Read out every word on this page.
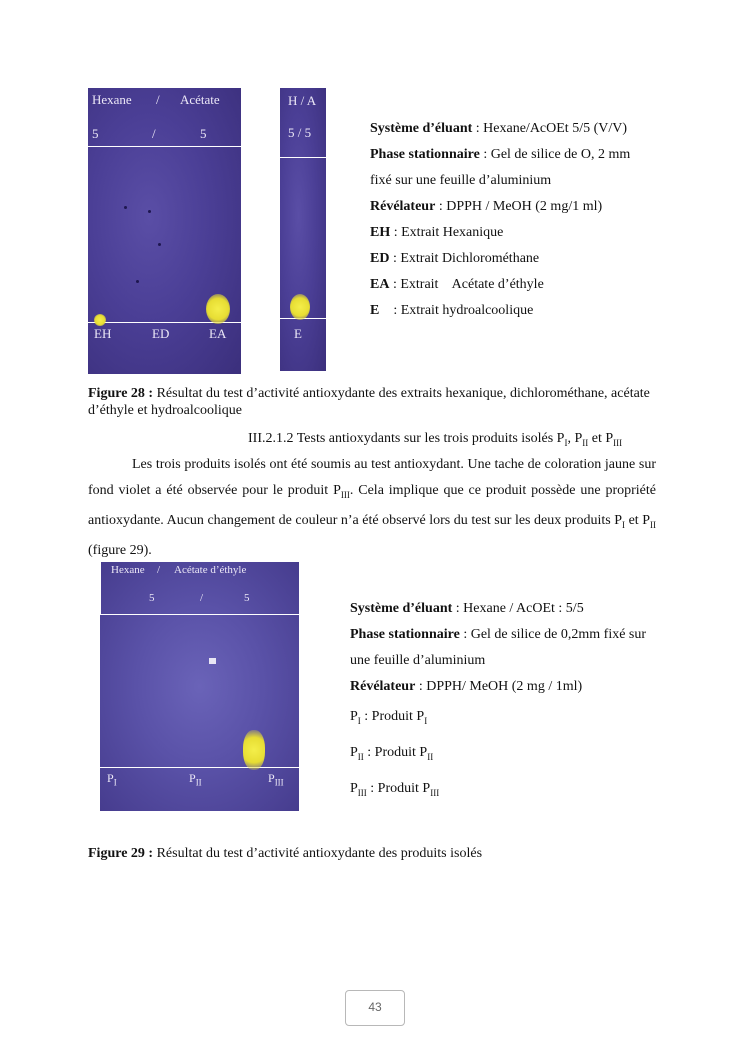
Hexane / Acétate
5	/	5
EH	ED	EA
H / A
5 / 5
E
Système d’éluant : Hexane/AcOEt 5/5 (V/V)
Phase stationnaire : Gel de silice de O, 2 mm
fixé sur une feuille d’aluminium
Révélateur : DPPH / MeOH (2 mg/1 ml)
EH : Extrait Hexanique
ED : Extrait Dichlorométhane
EA : Extrait    Acétate d’éthyle
E    : Extrait hydroalcoolique
Figure 28 : Résultat du test d’activité antioxydante des extraits hexanique, dichlorométhane, acétate d’éthyle et hydroalcoolique
III.2.1.2 Tests antioxydants sur les trois produits isolés $P_I$, $P_{II}$ et $P_{III}$
Les trois produits isolés ont été soumis au test antioxydant. Une tache de coloration jaune sur fond violet a été observée pour le produit $P_{III}$. Cela implique que ce produit possède une propriété antioxydante. Aucun changement de couleur n’a été observé lors du test sur les deux produits $P_I$ et $P_{II}$ (figure 29).
Hexane / Acétate d’éthyle
5	/	5
$P_I$	$P_{II}$	$P_{III}$
Système d’éluant : Hexane / AcOEt : 5/5
Phase stationnaire : Gel de silice de 0,2mm fixé sur
une feuille d’aluminium
Révélateur : DPPH/ MeOH (2 mg / 1ml)
$P_I$ : Produit $P_I$
$P_{II}$ : Produit $P_{II}$
$P_{III}$ : Produit $P_{III}$
Figure 29 : Résultat du test d’activité antioxydante des produits isolés
43
